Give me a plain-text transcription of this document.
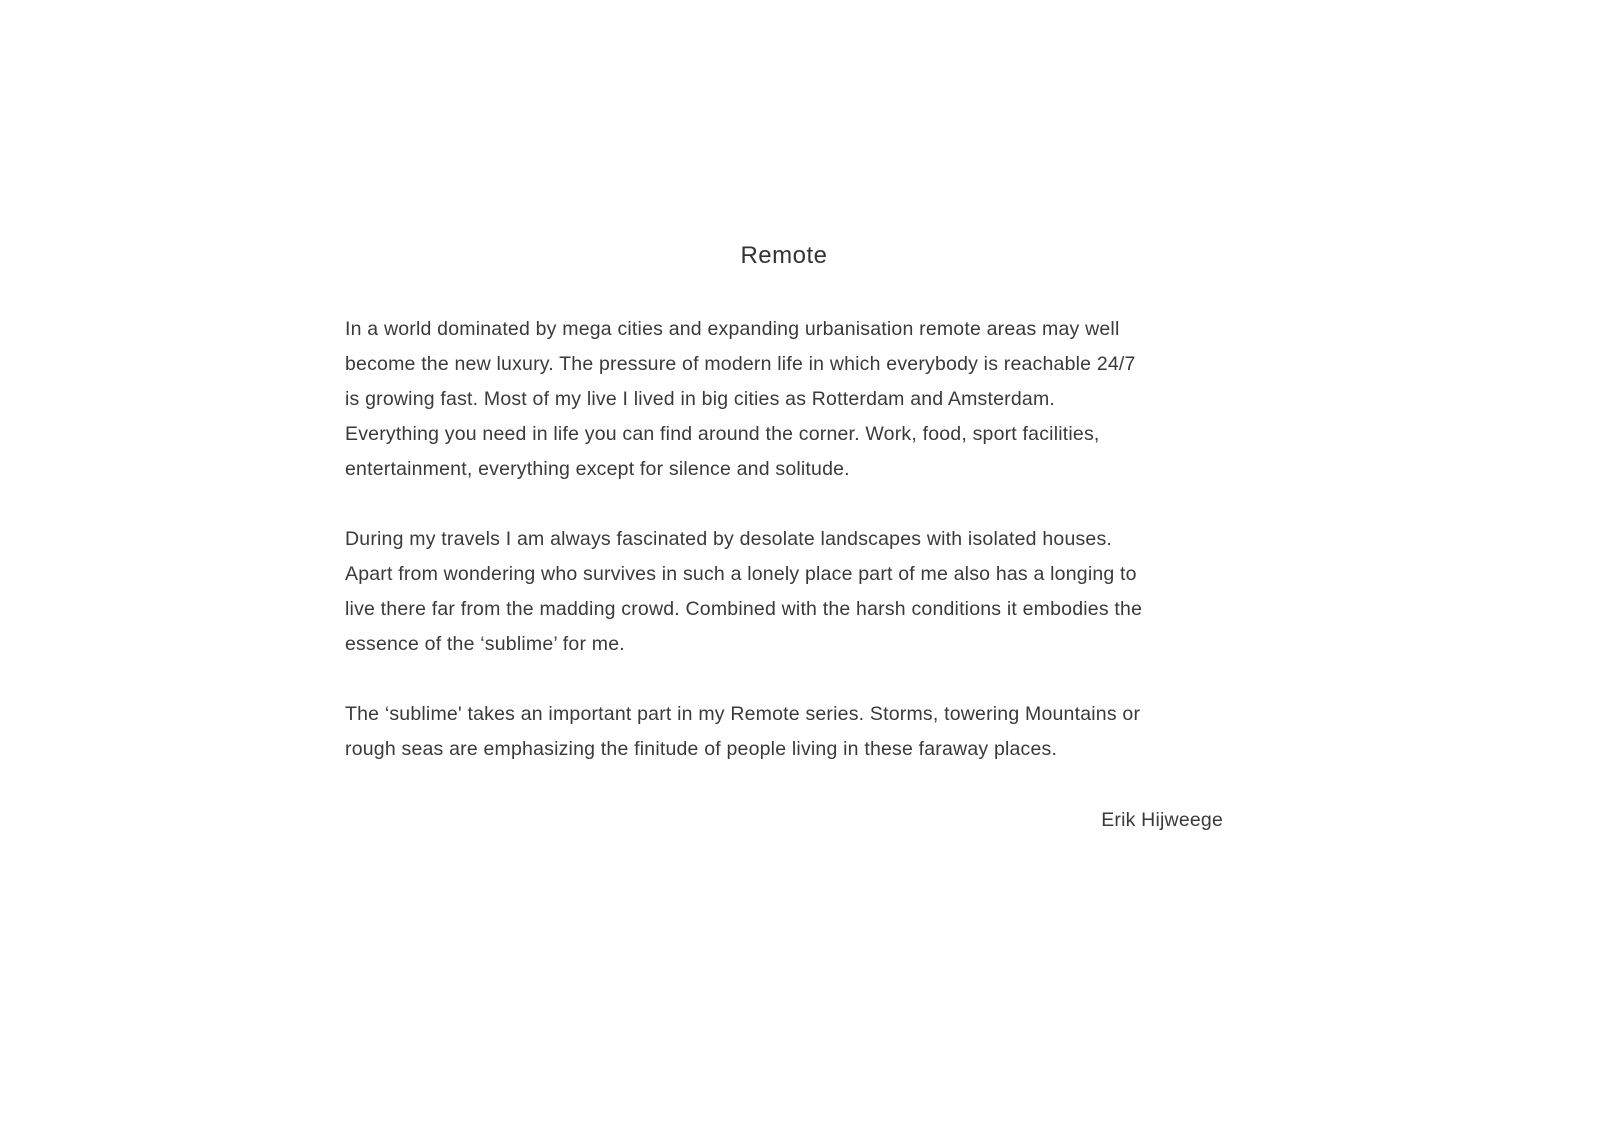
Remote
In a world dominated by mega cities and expanding urbanisation remote areas may well
become the new luxury. The pressure of modern life in which everybody is reachable 24/7
is growing fast. Most of my live I lived in big cities as Rotterdam and Amsterdam.
Everything you need in life you can find around the corner. Work, food, sport facilities,
entertainment, everything except for silence and solitude.
During my travels I am always fascinated by desolate landscapes with isolated houses.
Apart from wondering who survives in such a lonely place part of me also has a longing to
live there far from the madding crowd. Combined with the harsh conditions it embodies the
essence of the ‘sublime’ for me.
The ‘sublime' takes an important part in my Remote series. Storms, towering Mountains or
rough seas are emphasizing the finitude of people living in these faraway places.
Erik Hijweege
